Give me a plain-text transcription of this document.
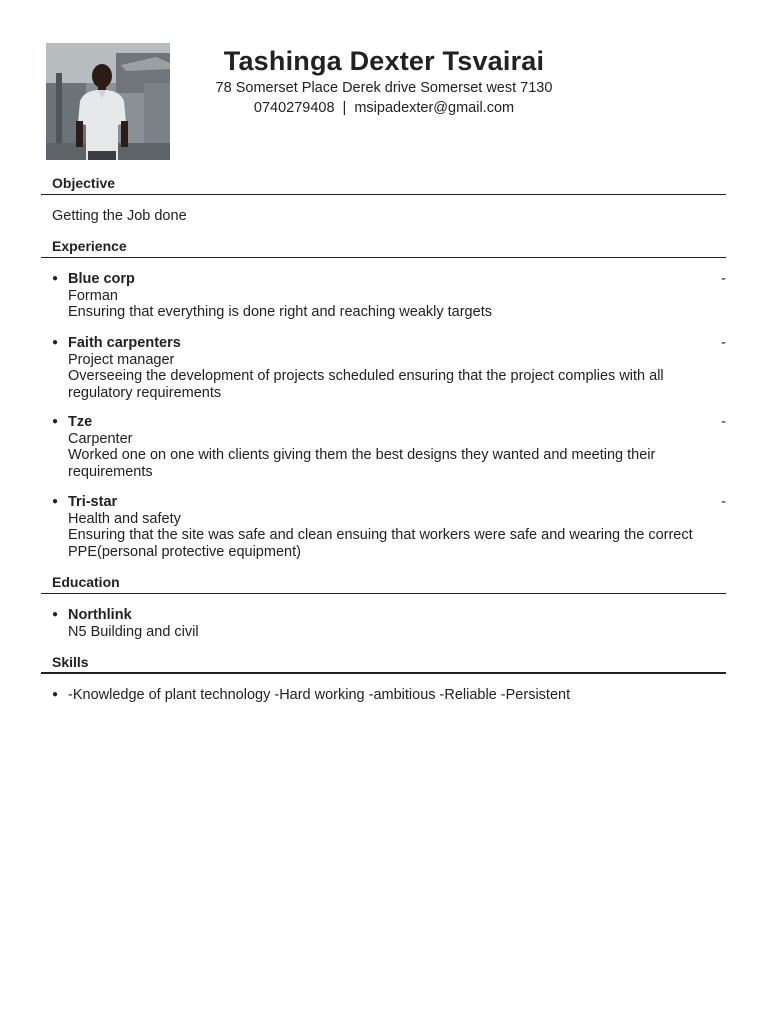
Tashinga Dexter Tsvairai

78 Somerset Place Derek drive Somerset west 7130

0740279408 | msipadexter@gmail.com

Objective

Getting the Job done

Experience

●	-
Blue corp
Forman
Ensuring that everything is done right and reaching weakly targets
●	-
Faith carpenters
Project manager
Overseeing the development of projects scheduled ensuring that the project complies with all regulatory requirements
●	-
Tze
Carpenter
Worked one on one with clients giving them the best designs they wanted and meeting their requirements
●	-
Tri-star
Health and safety
Ensuring that the site was safe and clean ensuing that workers were safe and wearing the correct PPE(personal protective equipment)

Education

● Northlink
N5 Building and civil

Skills

● -Knowledge of plant technology -Hard working -ambitious -Reliable -Persistent
